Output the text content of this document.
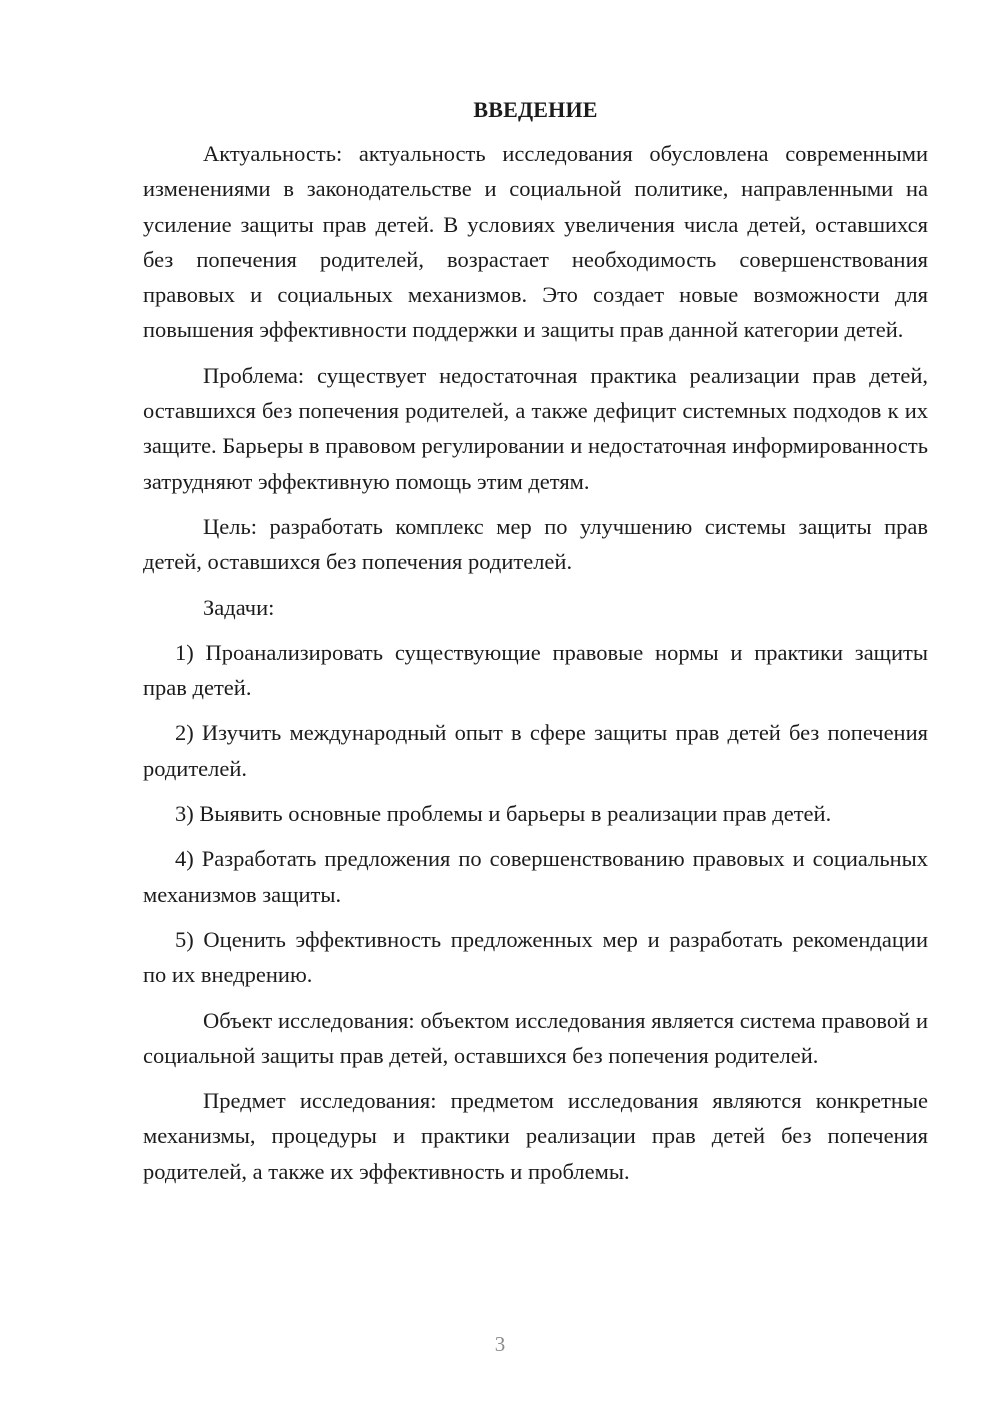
ВВЕДЕНИЕ

Актуальность: актуальность исследования обусловлена современными изменениями в законодательстве и социальной политике, направленными на усиление защиты прав детей. В условиях увеличения числа детей, оставшихся без попечения родителей, возрастает необходимость совершенствования правовых и социальных механизмов. Это создает новые возможности для повышения эффективности поддержки и защиты прав данной категории детей.

Проблема: существует недостаточная практика реализации прав детей, оставшихся без попечения родителей, а также дефицит системных подходов к их защите. Барьеры в правовом регулировании и недостаточная информированность затрудняют эффективную помощь этим детям.

Цель: разработать комплекс мер по улучшению системы защиты прав детей, оставшихся без попечения родителей.

Задачи:

1) Проанализировать существующие правовые нормы и практики защиты прав детей.

2) Изучить международный опыт в сфере защиты прав детей без попечения родителей.

3) Выявить основные проблемы и барьеры в реализации прав детей.

4) Разработать предложения по совершенствованию правовых и социальных механизмов защиты.

5) Оценить эффективность предложенных мер и разработать рекомендации по их внедрению.

Объект исследования: объектом исследования является система правовой и социальной защиты прав детей, оставшихся без попечения родителей.

Предмет исследования: предметом исследования являются конкретные механизмы, процедуры и практики реализации прав детей без попечения родителей, а также их эффективность и проблемы.

3
